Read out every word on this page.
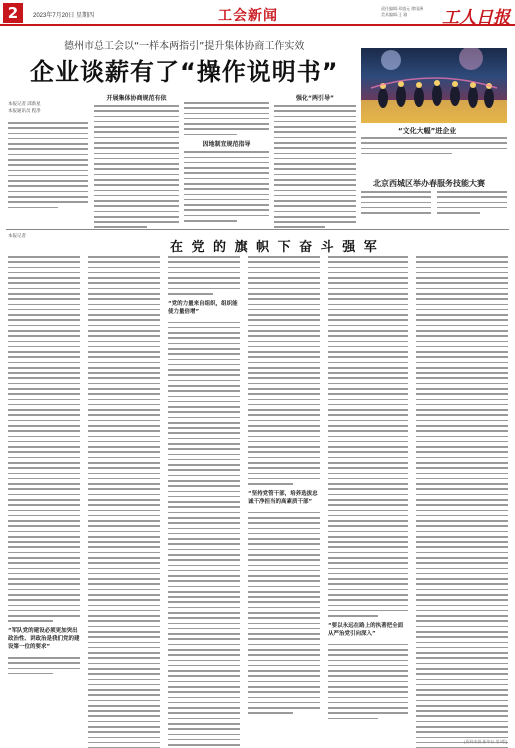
2	2023年7月20日 星期四	工会新闻	责任编辑:邓盛元 徐国洲
美术编辑:王 瑜	工人日报
德州市总工会以“一样本两指引”提升集体协商工作实效
企业谈薪有了“操作说明书”
本报记者 邱新星
本报通讯员 程净
开展集体协商规范有依
因地制宜规范指导
强化“两引导”
“文化大幅”进企业
北京西城区举办春服务技能大赛
本报记者
在 党 的 旗 帜 下 奋 斗 强 军
“军队党的建设必须更加突出政治性、讲政治是我们党的建设第一位的要求”
“党的力量来自组织，组织能使力量倍增”
“坚持党管干部，培养选拔忠诚干净担当的高素质干部”
“要以永远在路上的执著把全面从严治党引向深入”
[资料来源 新华社 第3版]
